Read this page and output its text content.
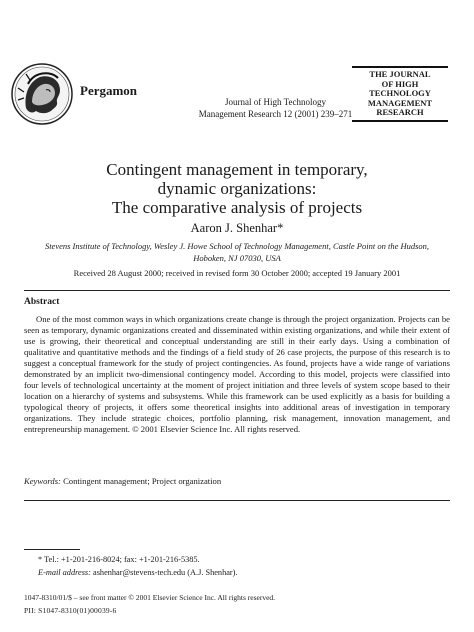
Pergamon
Journal of High Technology
Management Research 12 (2001) 239–271
THE JOURNAL
OF HIGH
TECHNOLOGY
MANAGEMENT
RESEARCH
Contingent management in temporary,
dynamic organizations:
The comparative analysis of projects
Aaron J. Shenhar*
Stevens Institute of Technology, Wesley J. Howe School of Technology Management, Castle Point on the Hudson,
Hoboken, NJ 07030, USA
Received 28 August 2000; received in revised form 30 October 2000; accepted 19 January 2001
Abstract
One of the most common ways in which organizations create change is through the project organization. Projects can be seen as temporary, dynamic organizations created and disseminated within existing organizations, and while their extent of use is growing, their theoretical and conceptual understanding are still in their early days. Using a combination of qualitative and quantitative methods and the findings of a field study of 26 case projects, the purpose of this research is to suggest a conceptual framework for the study of project contingencies. As found, projects have a wide range of variations demonstrated by an implicit two-dimensional contingency model. According to this model, projects were classified into four levels of technological uncertainty at the moment of project initiation and three levels of system scope based to their location on a hierarchy of systems and subsystems. While this framework can be used explicitly as a basis for building a typological theory of projects, it offers some theoretical insights into additional areas of investigation in temporary organizations. They include strategic choices, portfolio planning, risk management, innovation management, and entrepreneurship management. © 2001 Elsevier Science Inc. All rights reserved.
Keywords: Contingent management; Project organization
* Tel.: +1-201-216-8024; fax: +1-201-216-5385.
E-mail address: ashenhar@stevens-tech.edu (A.J. Shenhar).
1047-8310/01/$ – see front matter © 2001 Elsevier Science Inc. All rights reserved.
PII: S1047-8310(01)00039-6
